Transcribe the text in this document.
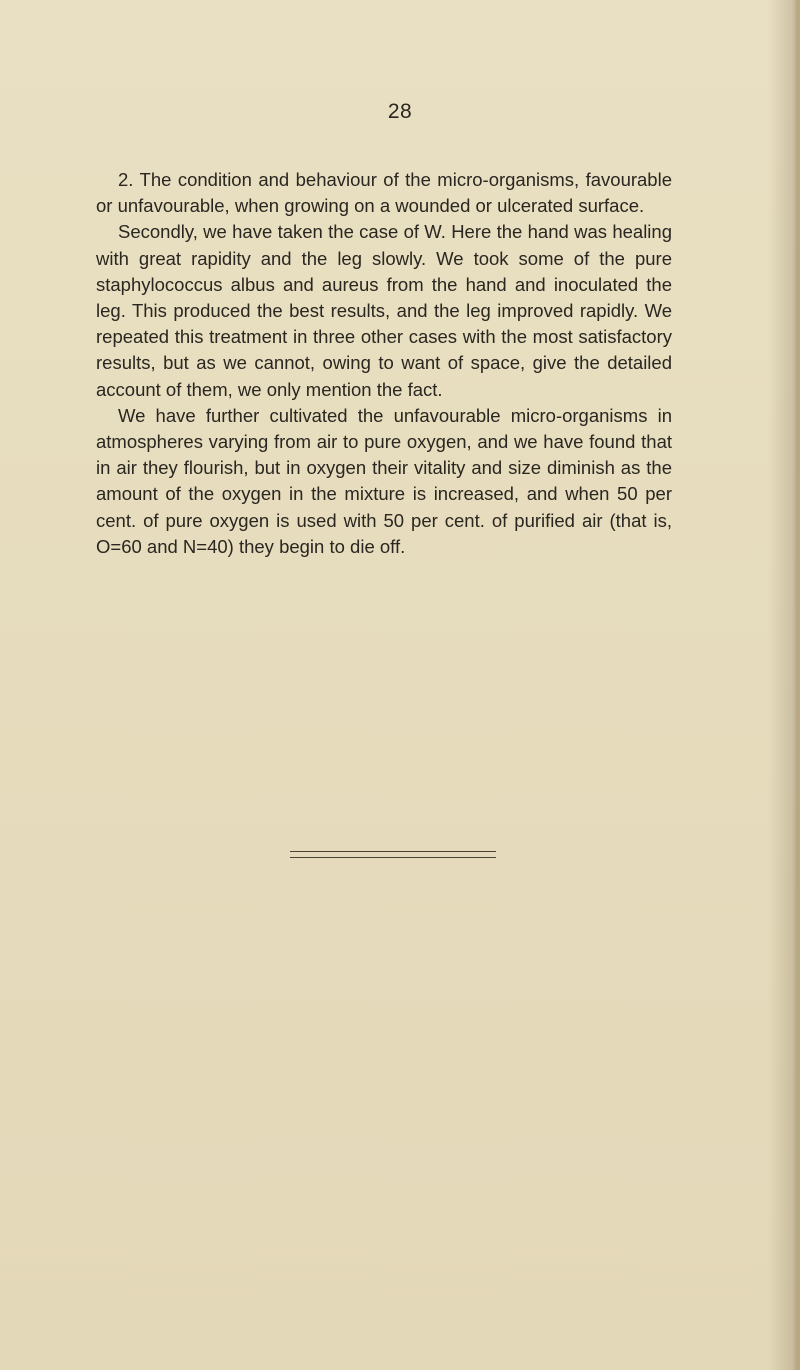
28

2. The condition and behaviour of the micro-organisms, favourable or unfavourable, when growing on a wounded or ulcerated surface.

Secondly, we have taken the case of W. Here the hand was healing with great rapidity and the leg slowly. We took some of the pure staphylococcus albus and aureus from the hand and inoculated the leg. This produced the best results, and the leg improved rapidly. We repeated this treatment in three other cases with the most satisfactory results, but as we cannot, owing to want of space, give the detailed account of them, we only mention the fact.

We have further cultivated the unfavourable micro-organisms in atmospheres varying from air to pure oxygen, and we have found that in air they flourish, but in oxygen their vitality and size diminish as the amount of the oxygen in the mixture is increased, and when 50 per cent. of pure oxygen is used with 50 per cent. of purified air (that is, O=60 and N=40) they begin to die off.
